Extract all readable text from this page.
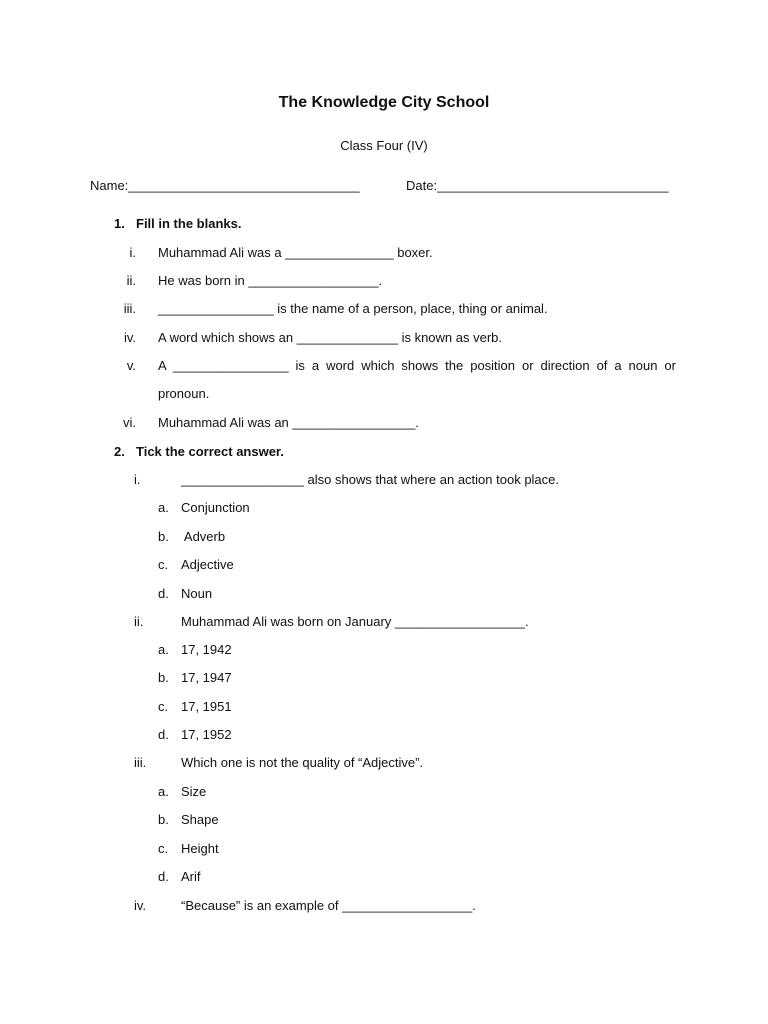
The Knowledge City School
Class Four (IV)
Name:________________________________	Date:________________________________
1. Fill in the blanks.
i. Muhammad Ali was a _______________ boxer.
ii. He was born in __________________.
iii. ________________ is the name of a person, place, thing or animal.
iv. A word which shows an ______________ is known as verb.
v. A ________________ is a word which shows the position or direction of a noun or
pronoun.
vi. Muhammad Ali was an _________________.
2. Tick the correct answer.
i.	_________________ also shows that where an action took place.
a. Conjunction
b. Adverb
c. Adjective
d. Noun
ii.	Muhammad Ali was born on January __________________.
a. 17, 1942
b. 17, 1947
c. 17, 1951
d. 17, 1952
iii.	Which one is not the quality of “Adjective”.
a. Size
b. Shape
c. Height
d. Arif
iv.	“Because” is an example of __________________.
